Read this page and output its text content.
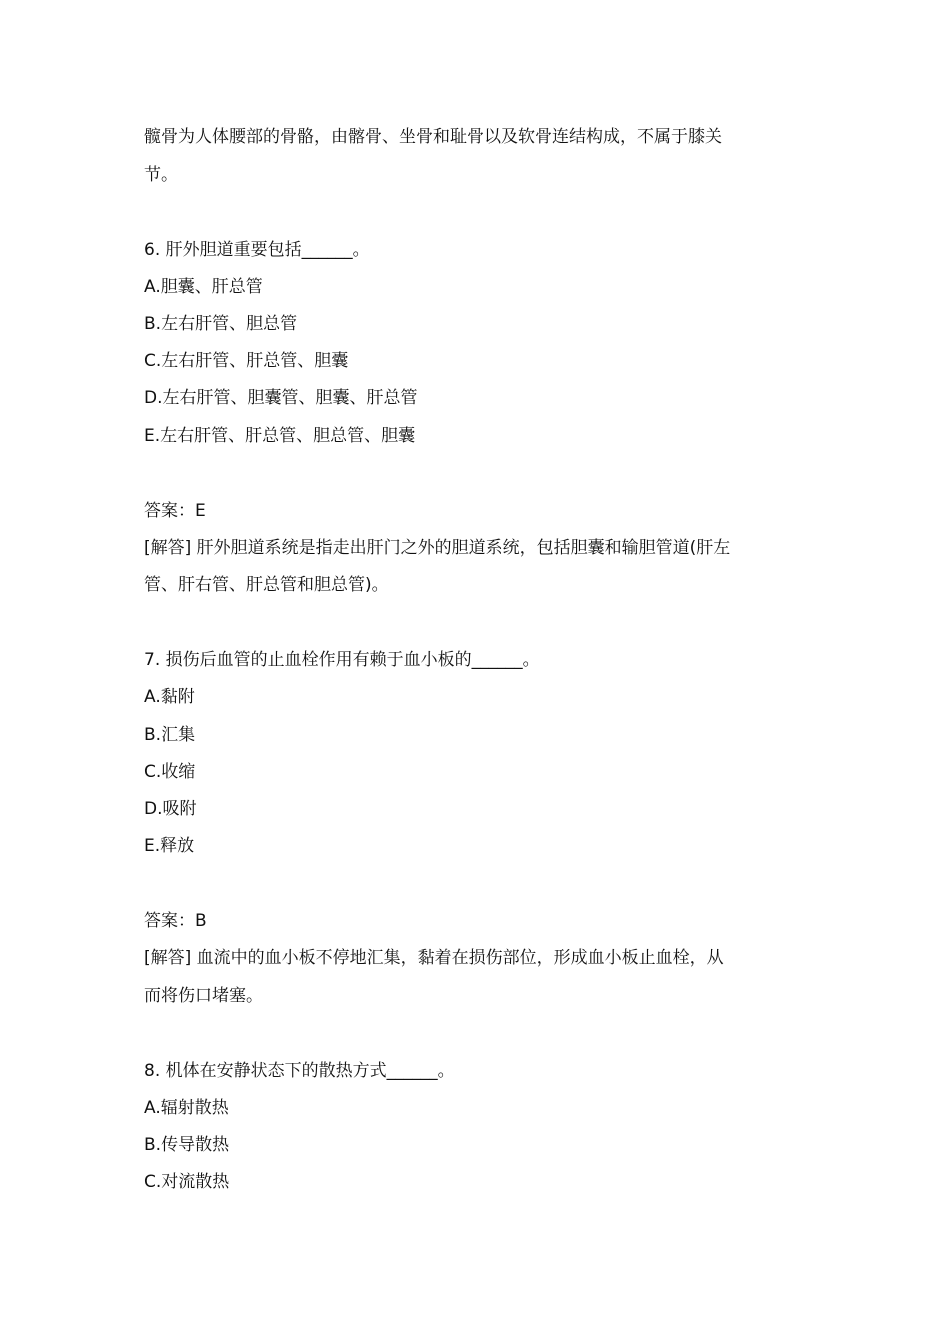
髋骨为人体腰部的骨骼，由髂骨、坐骨和耻骨以及软骨连结构成，不属于膝关
节。
6. 肝外胆道重要包括______。
A.胆囊、肝总管
B.左右肝管、胆总管
C.左右肝管、肝总管、胆囊
D.左右肝管、胆囊管、胆囊、肝总管
E.左右肝管、肝总管、胆总管、胆囊
答案：E
[解答] 肝外胆道系统是指走出肝门之外的胆道系统，包括胆囊和输胆管道(肝左
管、肝右管、肝总管和胆总管)。
7. 损伤后血管的止血栓作用有赖于血小板的______。
A.黏附
B.汇集
C.收缩
D.吸附
E.释放
答案：B
[解答] 血流中的血小板不停地汇集，黏着在损伤部位，形成血小板止血栓，从
而将伤口堵塞。
8. 机体在安静状态下的散热方式______。
A.辐射散热
B.传导散热
C.对流散热
